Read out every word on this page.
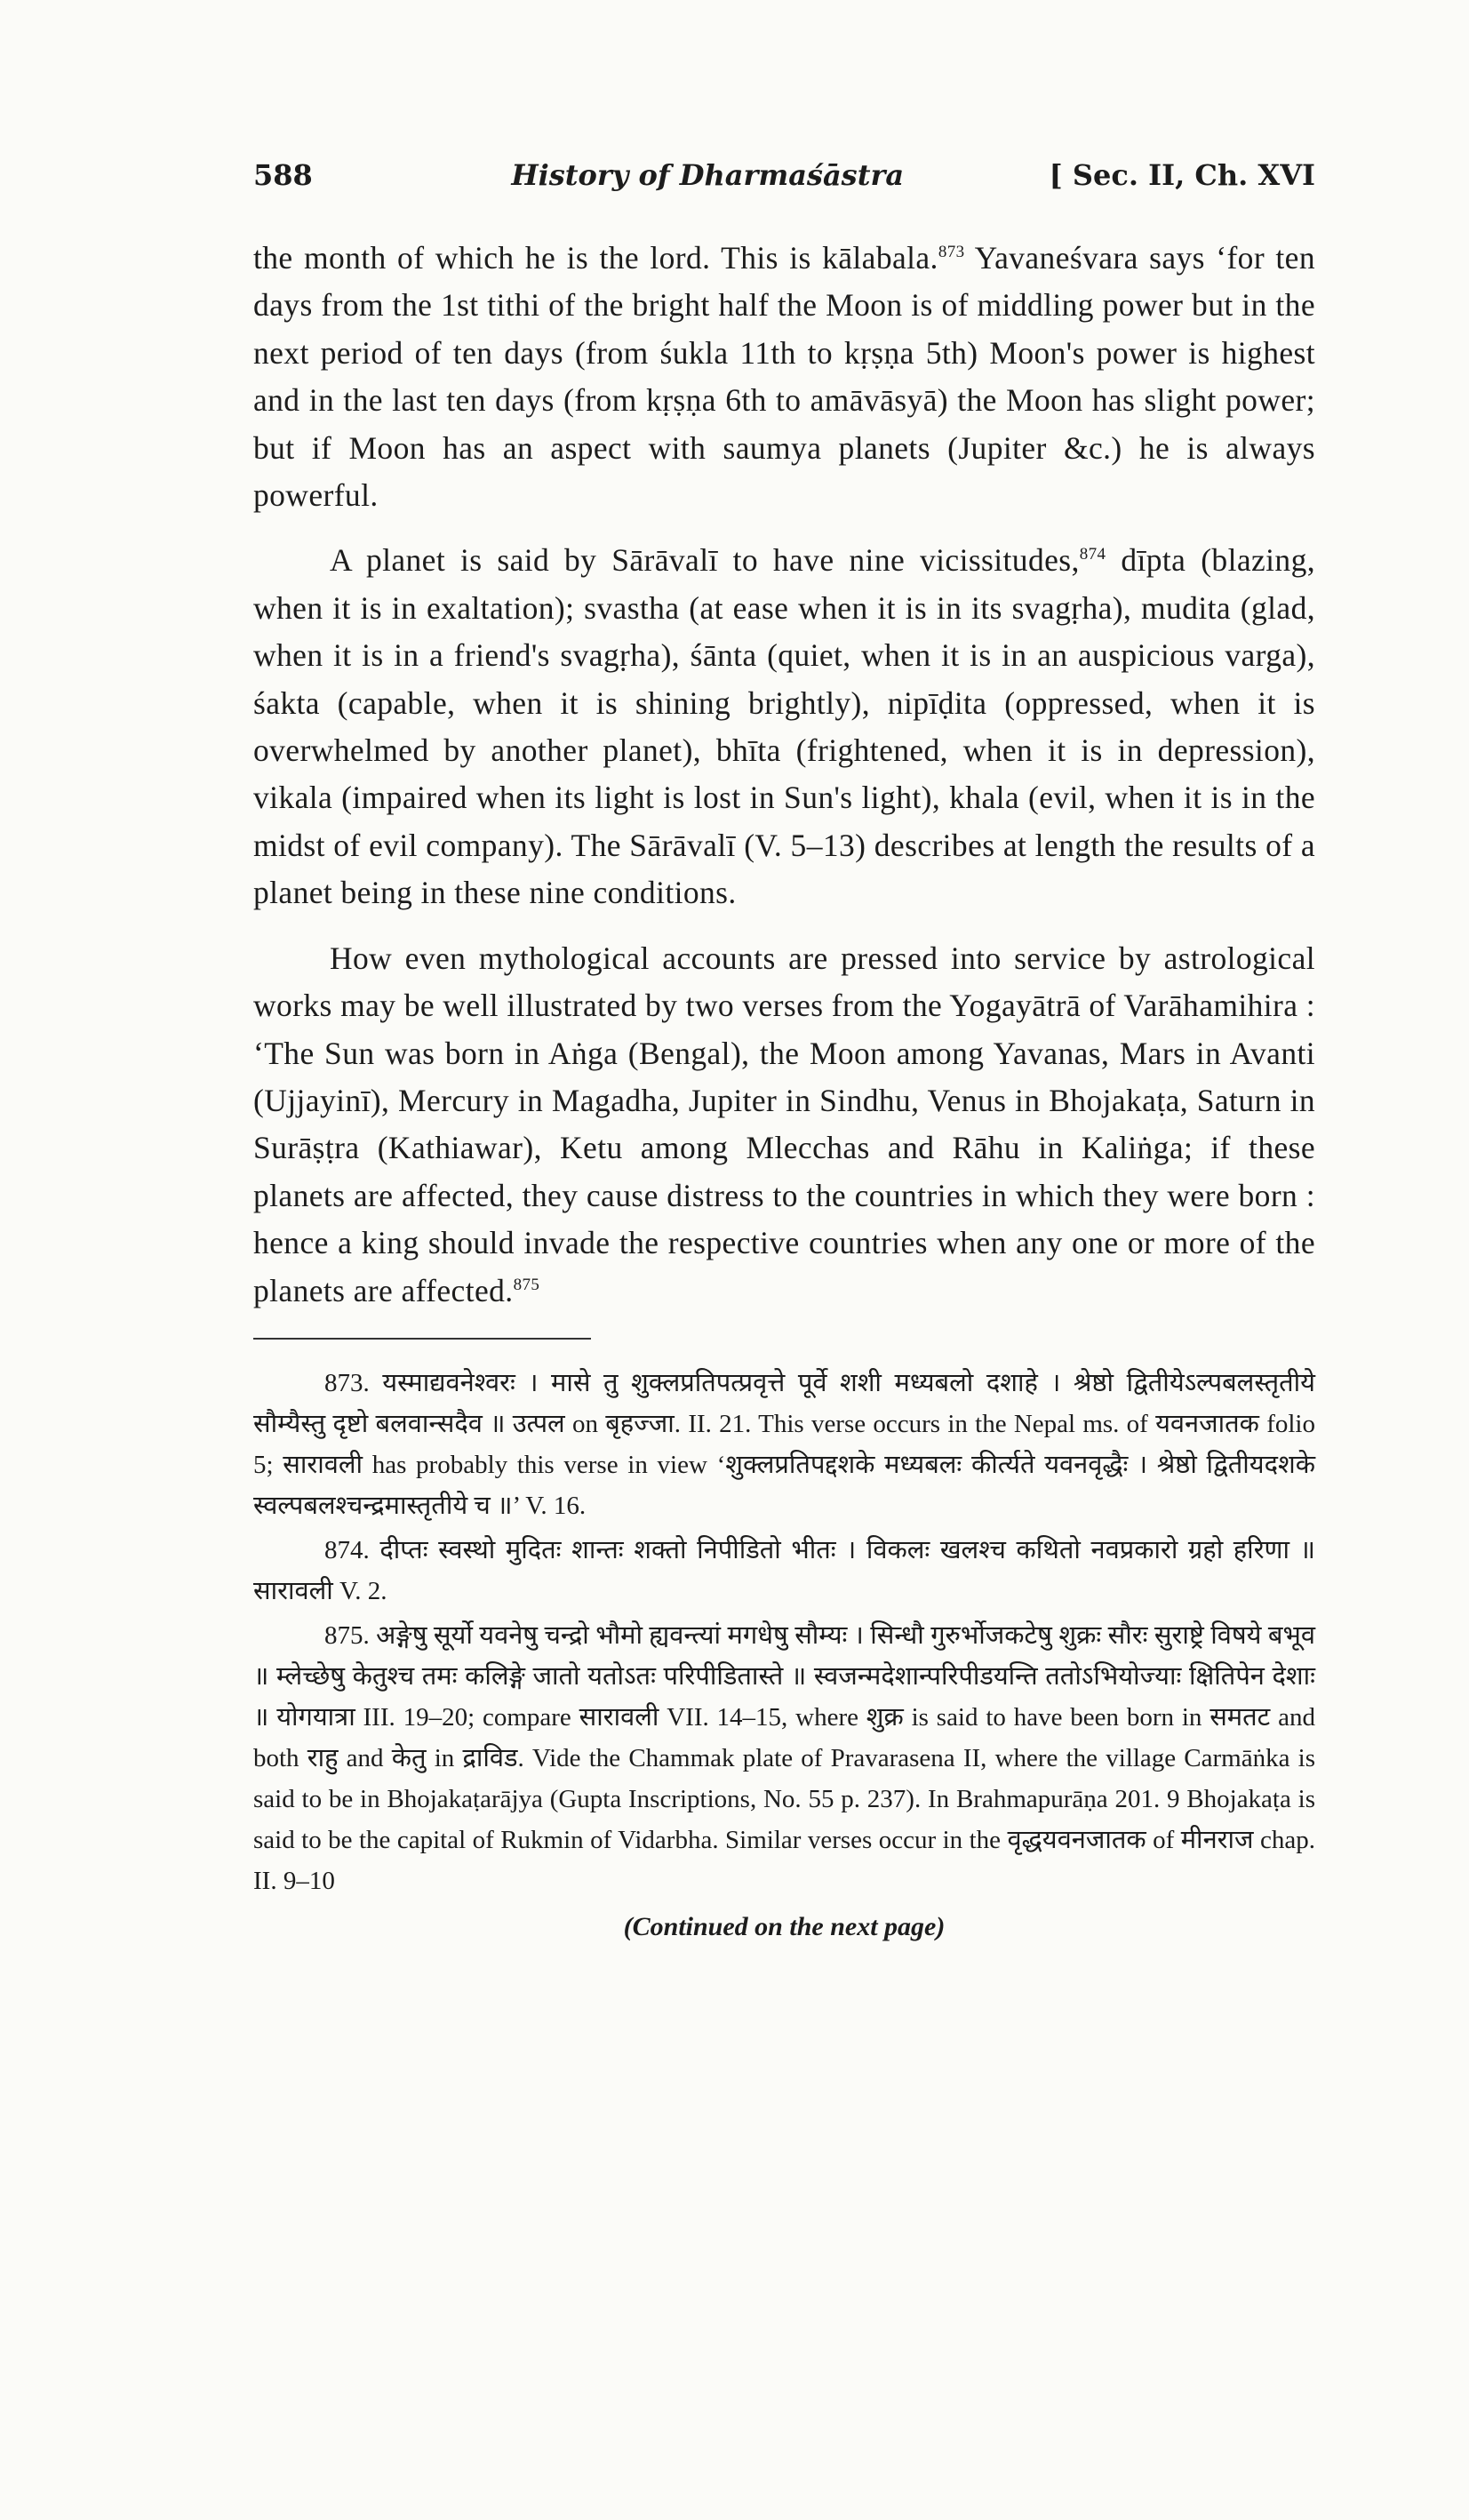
588	History of Dharmaśāstra	[ Sec. II, Ch. XVI

the month of which he is the lord. This is kālabala.$^{873}$ Yavaneśvara says ‘for ten days from the 1st tithi of the bright half the Moon is of middling power but in the next period of ten days (from śukla 11th to kṛṣṇa 5th) Moon's power is highest and in the last ten days (from kṛṣṇa 6th to amāvāsyā) the Moon has slight power; but if Moon has an aspect with saumya planets (Jupiter &c.) he is always powerful.

A planet is said by Sārāvalī to have nine vicissitudes,$^{874}$ dīpta (blazing, when it is in exaltation); svastha (at ease when it is in its svagṛha), mudita (glad, when it is in a friend's svagṛha), śānta (quiet, when it is in an auspicious varga), śakta (capable, when it is shining brightly), nipīḍita (oppressed, when it is overwhelmed by another planet), bhīta (frightened, when it is in depression), vikala (impaired when its light is lost in Sun's light), khala (evil, when it is in the midst of evil company). The Sārāvalī (V. 5–13) describes at length the results of a planet being in these nine conditions.

How even mythological accounts are pressed into service by astrological works may be well illustrated by two verses from the Yogayātrā of Varāhamihira : ‘The Sun was born in Aṅga (Bengal), the Moon among Yavanas, Mars in Avanti (Ujjayinī), Mercury in Magadha, Jupiter in Sindhu, Venus in Bhojakaṭa, Saturn in Surāṣṭra (Kathiawar), Ketu among Mlecchas and Rāhu in Kaliṅga; if these planets are affected, they cause distress to the countries in which they were born : hence a king should invade the respective countries when any one or more of the planets are affected.$^{875}$

873. यस्माद्यवनेश्वरः । मासे तु शुक्लप्रतिपत्प्रवृत्ते पूर्वे शशी मध्यबलो दशाहे । श्रेष्ठो द्वितीयेऽल्पबलस्तृतीये सौम्यैस्तु दृष्टो बलवान्सदैव ॥ उत्पल on बृहज्जा. II. 21. This verse occurs in the Nepal ms. of यवनजातक folio 5; सारावली has probably this verse in view ‘शुक्लप्रतिपद्दशके मध्यबलः कीर्त्यते यवनवृद्धैः । श्रेष्ठो द्वितीयदशके स्वल्पबलश्चन्द्रमास्तृतीये च ॥’ V. 16.

874. दीप्तः स्वस्थो मुदितः शान्तः शक्तो निपीडितो भीतः । विकलः खलश्च कथितो नवप्रकारो ग्रहो हरिणा ॥ सारावली V. 2.

875. अङ्गेषु सूर्यो यवनेषु चन्द्रो भौमो ह्यवन्त्यां मगधेषु सौम्यः । सिन्धौ गुरुर्भोजकटेषु शुक्रः सौरः सुराष्ट्रे विषये बभूव ॥ म्लेच्छेषु केतुश्च तमः कलिङ्गे जातो यतोऽतः परिपीडितास्ते ॥ स्वजन्मदेशान्परिपीडयन्ति ततोऽभियोज्याः क्षितिपेन देशाः ॥ योगयात्रा III. 19–20; compare सारावली VII. 14–15, where शुक्र is said to have been born in समतट and both राहु and केतु in द्राविड. Vide the Chammak plate of Pravarasena II, where the village Carmāṅka is said to be in Bhojakaṭarājya (Gupta Inscriptions, No. 55 p. 237). In Brahmapurāṇa 201. 9 Bhojakaṭa is said to be the capital of Rukmin of Vidarbha. Similar verses occur in the वृद्धयवनजातक of मीनराज chap. II. 9–10

(Continued on the next page)
